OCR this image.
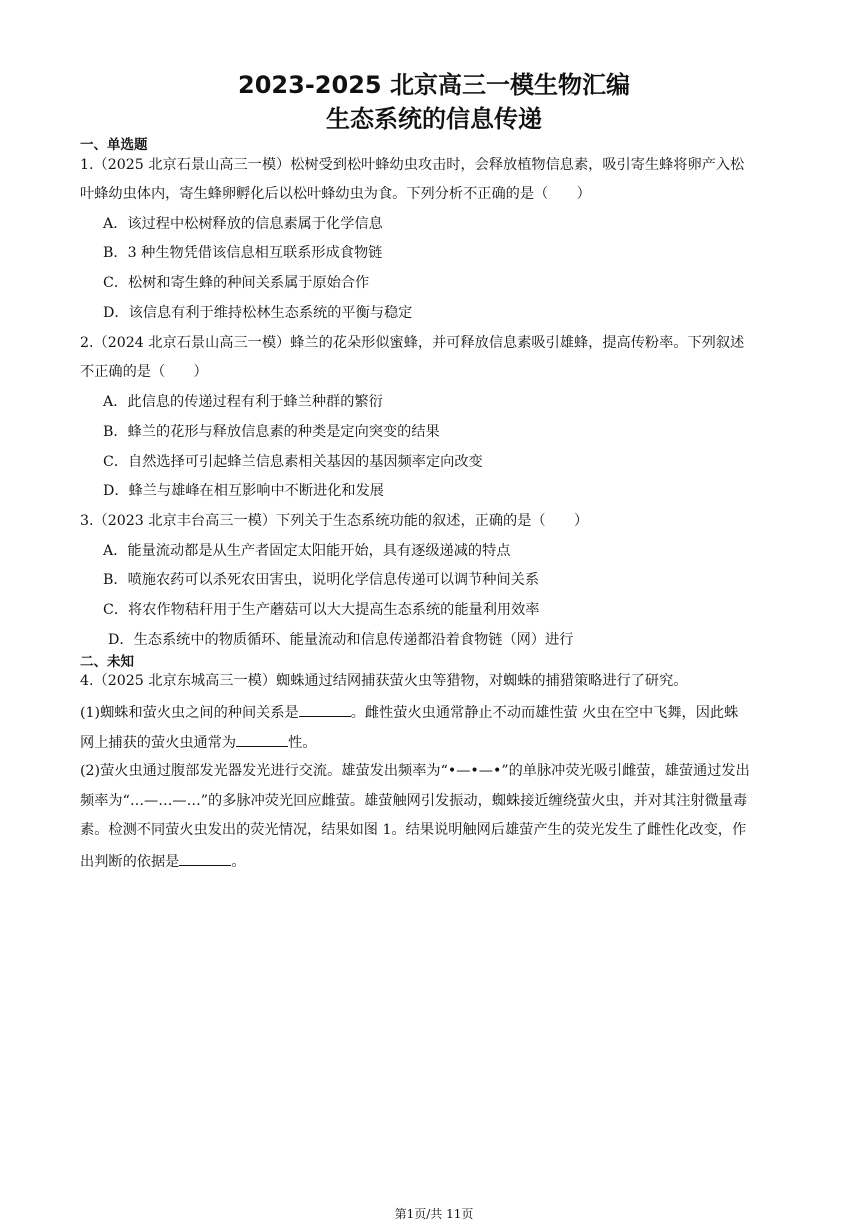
2023-2025 北京高三一模生物汇编
生态系统的信息传递
一、单选题
1.（2025 北京石景山高三一模）松树受到松叶蜂幼虫攻击时，会释放植物信息素，吸引寄生蜂将卵产入松
叶蜂幼虫体内，寄生蜂卵孵化后以松叶蜂幼虫为食。下列分析不正确的是（　　）
A．该过程中松树释放的信息素属于化学信息
B．3 种生物凭借该信息相互联系形成食物链
C．松树和寄生蜂的种间关系属于原始合作
D．该信息有利于维持松林生态系统的平衡与稳定
2.（2024 北京石景山高三一模）蜂兰的花朵形似蜜蜂，并可释放信息素吸引雄蜂，提高传粉率。下列叙述
不正确的是（　　）
A．此信息的传递过程有利于蜂兰种群的繁衍
B．蜂兰的花形与释放信息素的种类是定向突变的结果
C．自然选择可引起蜂兰信息素相关基因的基因频率定向改变
D．蜂兰与雄峰在相互影响中不断进化和发展
3.（2023 北京丰台高三一模）下列关于生态系统功能的叙述，正确的是（　　）
A．能量流动都是从生产者固定太阳能开始，具有逐级递减的特点
B．喷施农药可以杀死农田害虫，说明化学信息传递可以调节种间关系
C．将农作物秸秆用于生产蘑菇可以大大提高生态系统的能量利用效率
D．生态系统中的物质循环、能量流动和信息传递都沿着食物链（网）进行
二、未知
4.（2025 北京东城高三一模）蜘蛛通过结网捕获萤火虫等猎物，对蜘蛛的捕猎策略进行了研究。
(1)蜘蛛和萤火虫之间的种间关系是	。雌性萤火虫通常静止不动而雄性萤 火虫在空中飞舞，因此蛛
网上捕获的萤火虫通常为	性。
(2)萤火虫通过腹部发光器发光进行交流。雄萤发出频率为“•—•—•”的单脉冲荧光吸引雌萤，雄萤通过发出
频率为“…—…—…”的多脉冲荧光回应雌萤。雄萤触网引发振动，蜘蛛接近缠绕萤火虫，并对其注射微量毒
素。检测不同萤火虫发出的荧光情况，结果如图 1。结果说明触网后雄萤产生的荧光发生了雌性化改变，作
出判断的依据是	。
第1页/共 11页
